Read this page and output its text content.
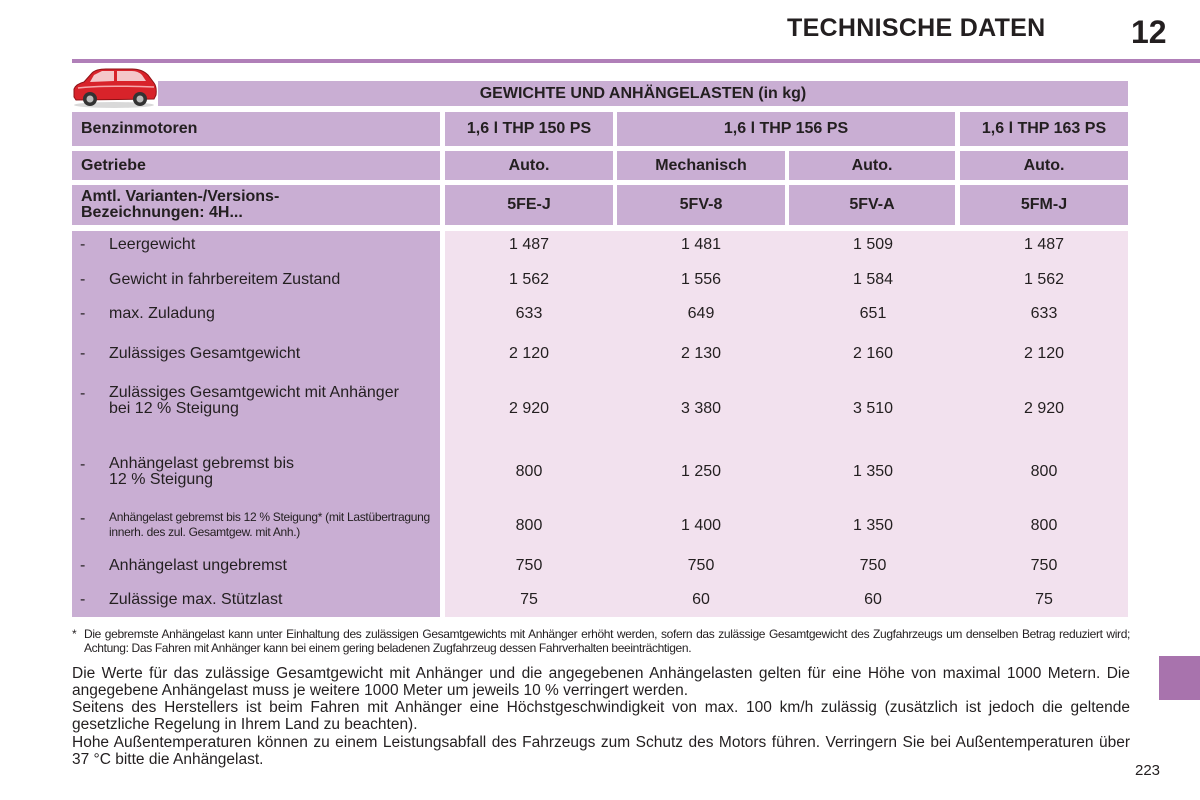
TECHNISCHE DATEN	12
GEWICHTE UND ANHÄNGELASTEN (in kg)
Benzinmotoren	1,6 l THP 150 PS	1,6 l THP 156 PS	1,6 l THP 163 PS
Getriebe	Auto.	Mechanisch	Auto.	Auto.
Amtl. Varianten-/Versions-Bezeichnungen: 4H...	5FE-J	5FV-8	5FV-A	5FM-J
-	Leergewicht	1 487	1 481	1 509	1 487
-	Gewicht in fahrbereitem Zustand	1 562	1 556	1 584	1 562
-	max. Zuladung	633	649	651	633
-	Zulässiges Gesamtgewicht	2 120	2 130	2 160	2 120
-	Zulässiges Gesamtgewicht mit Anhänger bei 12 % Steigung	2 920	3 380	3 510	2 920
-	Anhängelast gebremst bis 12 % Steigung	800	1 250	1 350	800
-	Anhängelast gebremst bis 12 % Steigung* (mit Lastübertragung innerh. des zul. Gesamtgew. mit Anh.)	800	1 400	1 350	800
-	Anhängelast ungebremst	750	750	750	750
-	Zulässige max. Stützlast	75	60	60	75
* Die gebremste Anhängelast kann unter Einhaltung des zulässigen Gesamtgewichts mit Anhänger erhöht werden, sofern das zulässige Gesamtgewicht des Zugfahrzeugs um denselben Betrag reduziert wird; Achtung: Das Fahren mit Anhänger kann bei einem gering beladenen Zugfahrzeug dessen Fahrverhalten beeinträchtigen.
Die Werte für das zulässige Gesamtgewicht mit Anhänger und die angegebenen Anhängelasten gelten für eine Höhe von maximal 1000 Metern. Die angegebene Anhängelast muss je weitere 1000 Meter um jeweils 10 % verringert werden.
Seitens des Herstellers ist beim Fahren mit Anhänger eine Höchstgeschwindigkeit von max. 100 km/h zulässig (zusätzlich ist jedoch die geltende gesetzliche Regelung in Ihrem Land zu beachten).
Hohe Außentemperaturen können zu einem Leistungsabfall des Fahrzeugs zum Schutz des Motors führen. Verringern Sie bei Außentemperaturen über 37 °C bitte die Anhängelast.
223
